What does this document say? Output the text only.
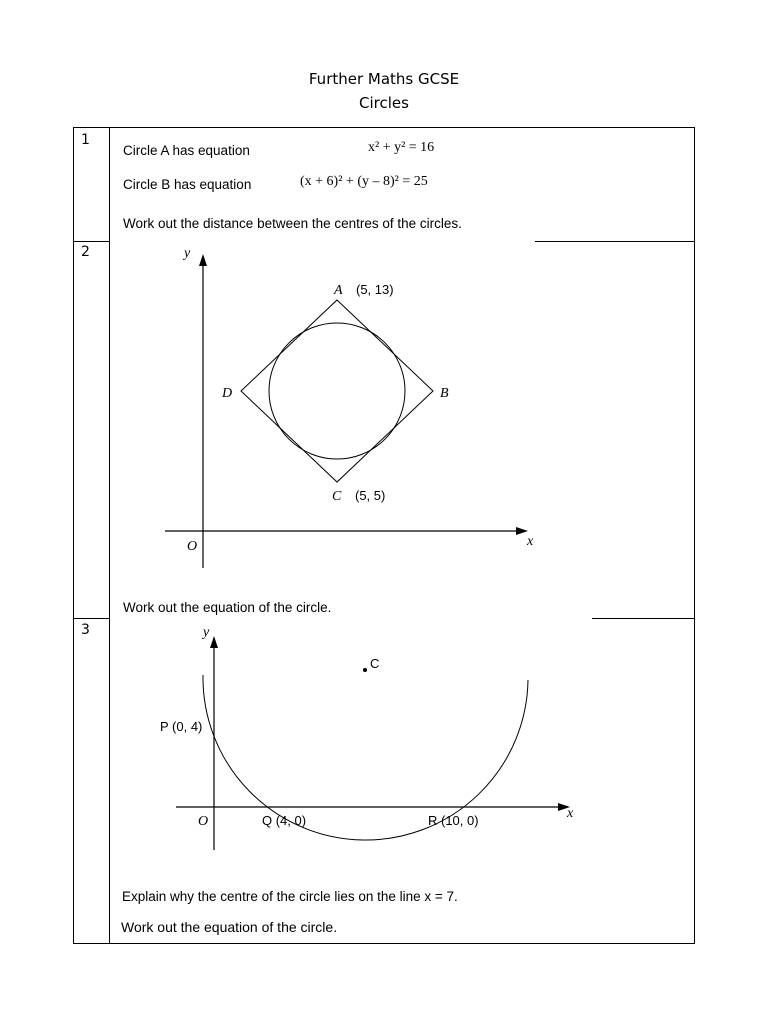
Further Maths GCSE
Circles
1
Circle A has equation	x² + y² = 16
Circle B has equation	(x + 6)² + (y – 8)² = 25
Work out the distance between the centres of the circles.
2	y
x
O
A (5, 13)
B
C (5, 5)
D
Work out the equation of the circle.
3	y
x
O
C
P (0, 4)
Q (4, 0)	R (10, 0)
Explain why the centre of the circle lies on the line x = 7.
Work out the equation of the circle.
